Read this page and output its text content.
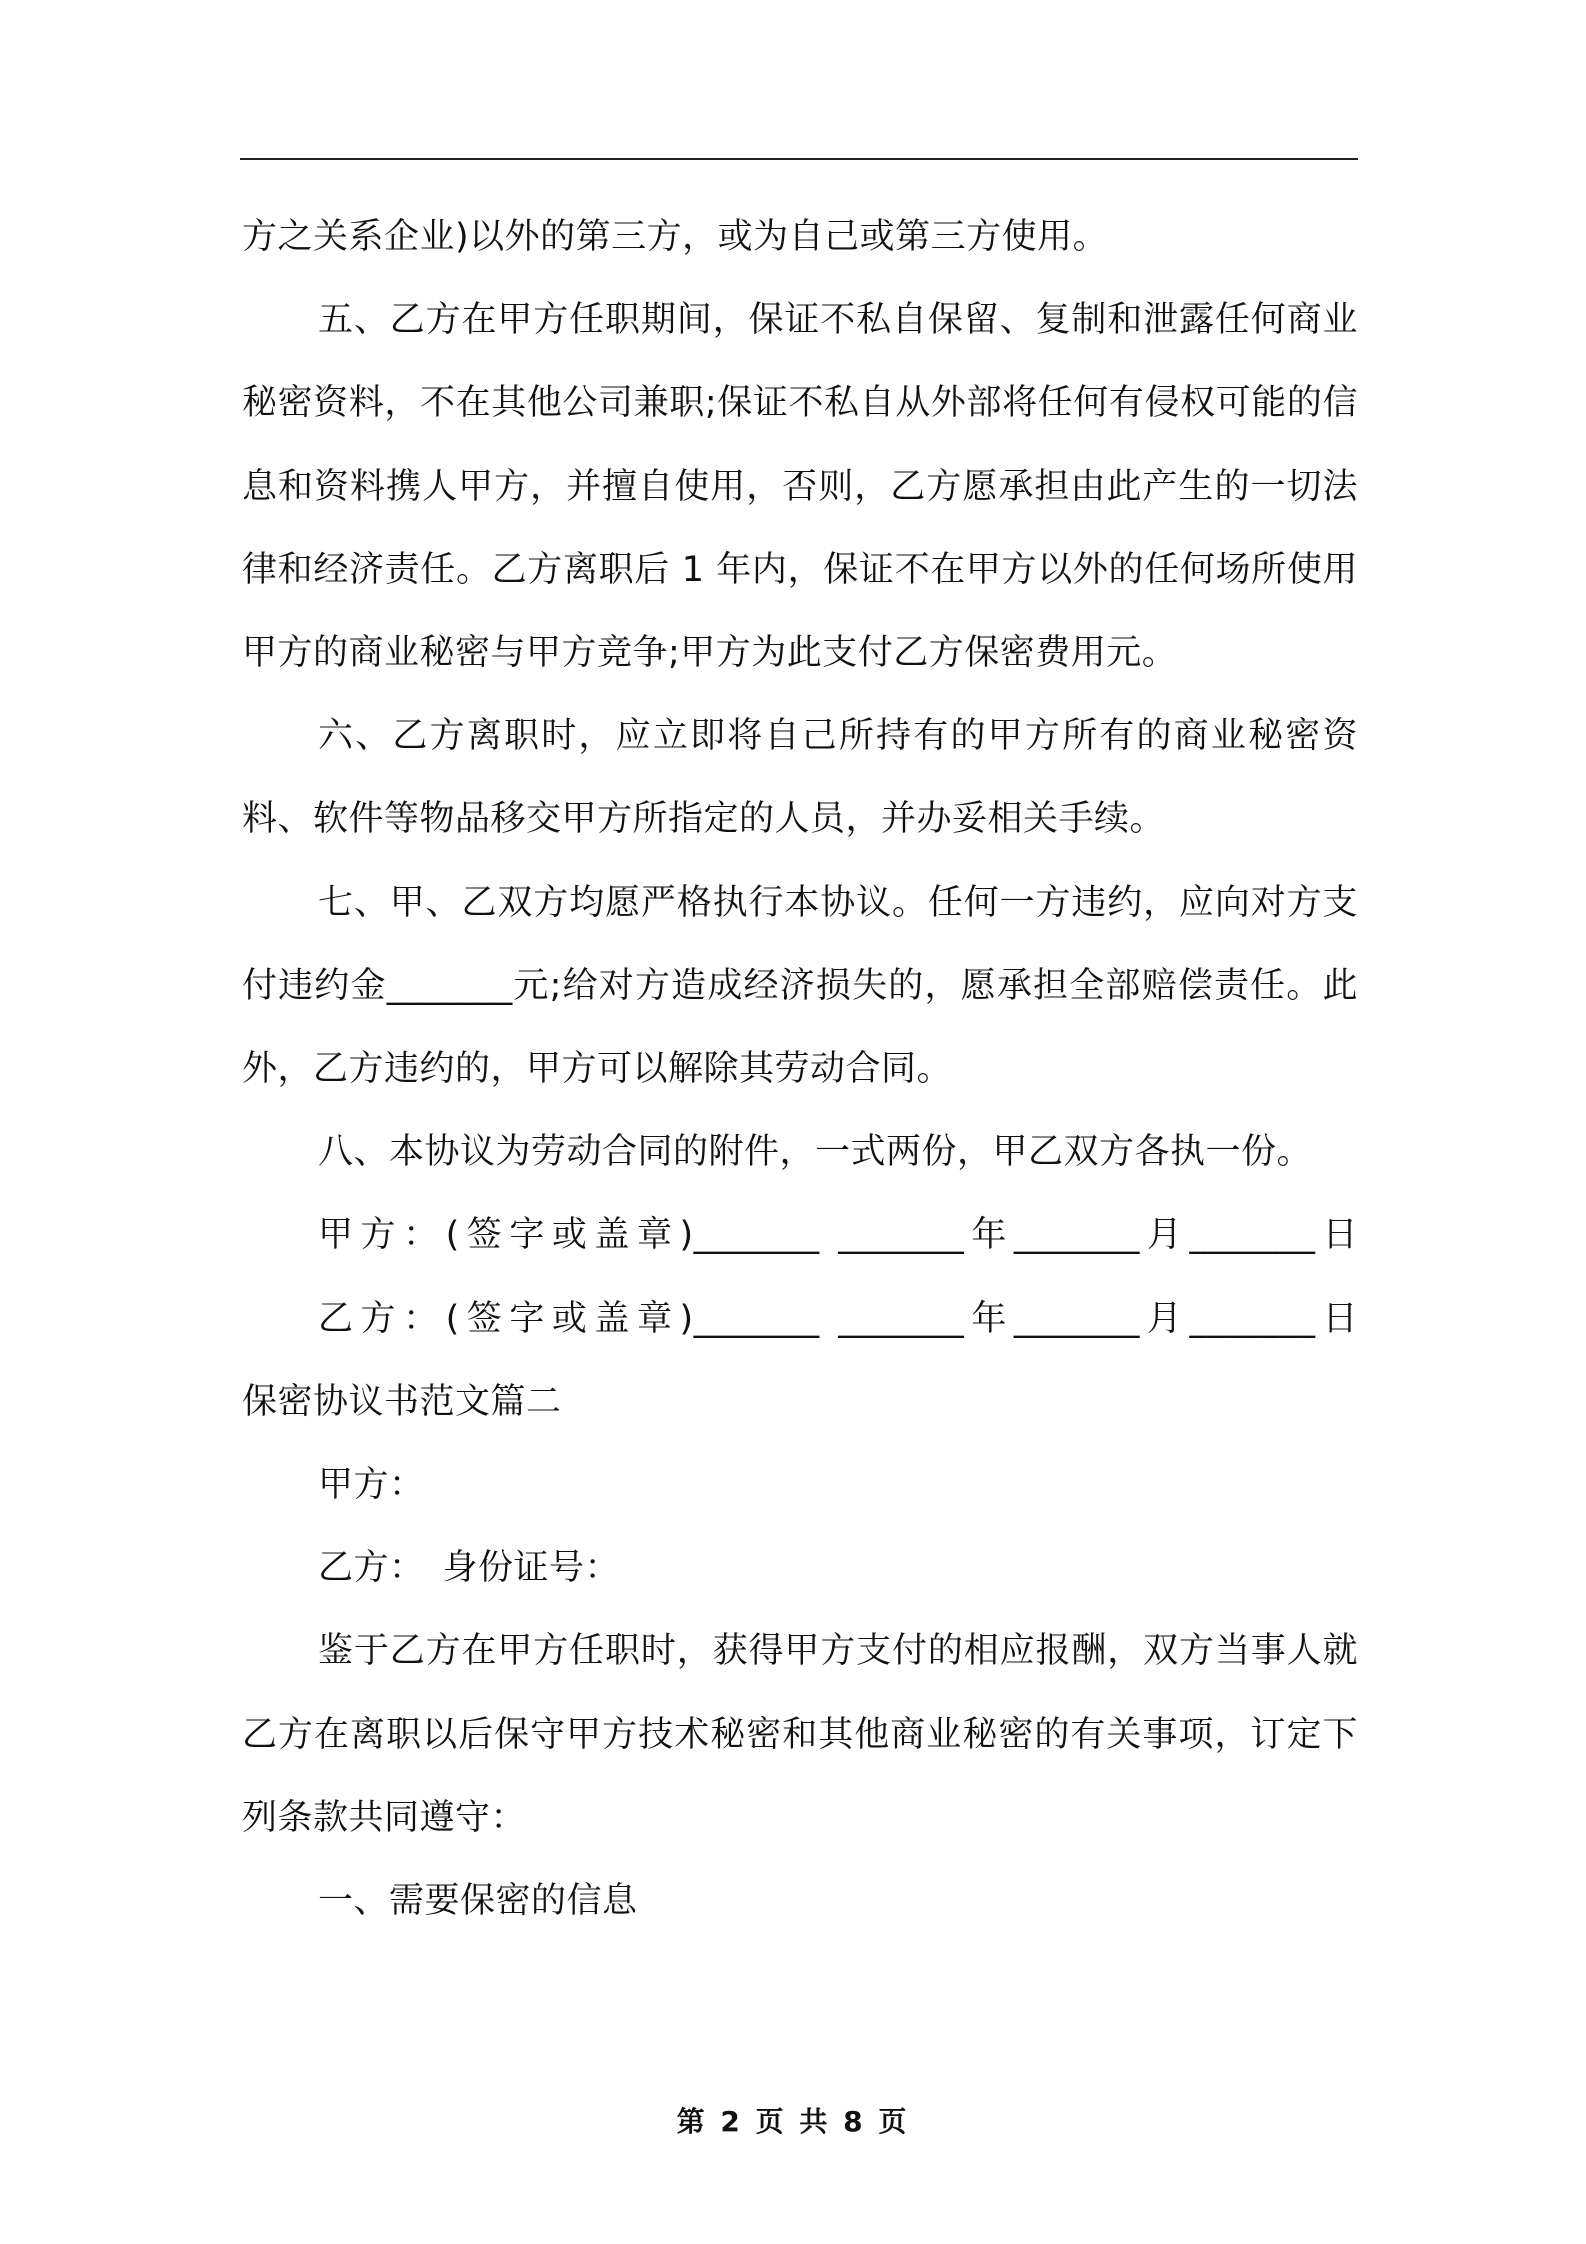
方之关系企业)以外的第三方，或为自己或第三方使用。

五、乙方在甲方任职期间，保证不私自保留、复制和泄露任何商业秘密资料，不在其他公司兼职;保证不私自从外部将任何有侵权可能的信息和资料携人甲方，并擅自使用，否则，乙方愿承担由此产生的一切法律和经济责任。乙方离职后 1 年内，保证不在甲方以外的任何场所使用甲方的商业秘密与甲方竞争;甲方为此支付乙方保密费用元。

六、乙方离职时，应立即将自己所持有的甲方所有的商业秘密资料、软件等物品移交甲方所指定的人员，并办妥相关手续。

七、甲、乙双方均愿严格执行本协议。任何一方违约，应向对方支付违约金_______元;给对方造成经济损失的，愿承担全部赔偿责任。此外，乙方违约的，甲方可以解除其劳动合同。

八、本协议为劳动合同的附件，一式两份，甲乙双方各执一份。

甲方：(签字或盖章)_______ _______年_______月_______日

乙方：(签字或盖章)_______ _______年_______月_______日

保密协议书范文篇二

甲方：

乙方：　身份证号：

鉴于乙方在甲方任职时，获得甲方支付的相应报酬，双方当事人就乙方在离职以后保守甲方技术秘密和其他商业秘密的有关事项，订定下列条款共同遵守：

一、需要保密的信息

第 2 页 共 8 页
